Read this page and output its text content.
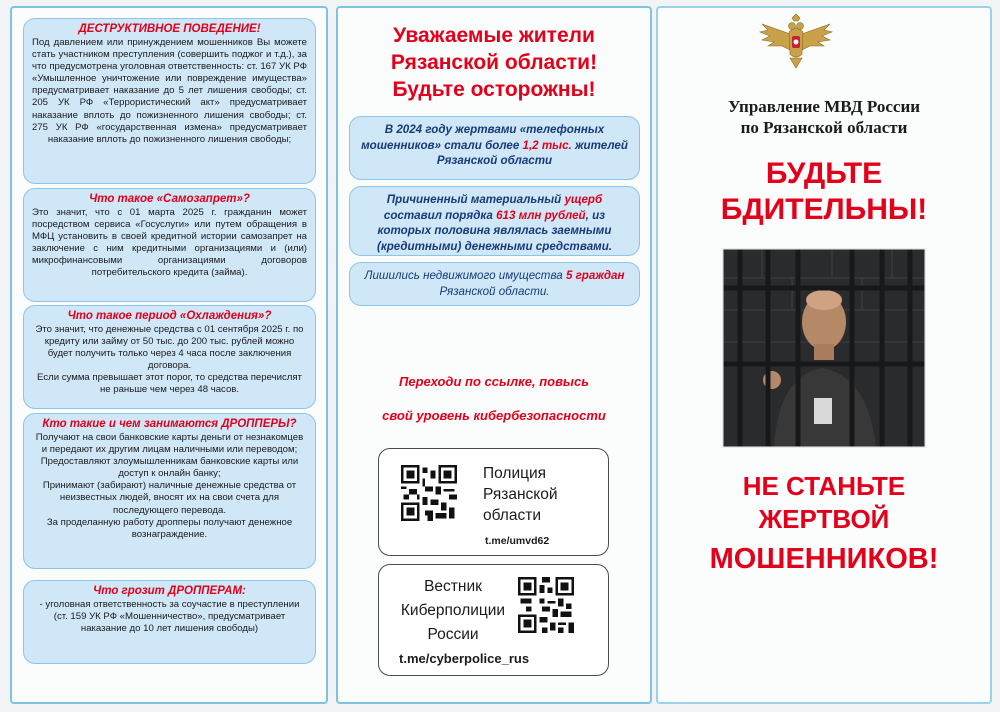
ДЕСТРУКТИВНОЕ ПОВЕДЕНИЕ!
Под давлением или принуждением мошенников Вы можете стать участником преступления (совершить поджог и т.д.), за что предусмотрена уголовная ответственность: ст. 167 УК РФ «Умышленное уничтожение или повреждение имущества» предусматривает наказание до 5 лет лишения свободы; ст. 205 УК РФ «Террористический акт» предусматривает наказание вплоть до пожизненного лишения свободы; ст. 275 УК РФ «государственная измена» предусматривает наказание вплоть до пожизненного лишения свободы;
Что такое «Самозапрет»?
Это значит, что с 01 марта 2025 г. гражданин может посредством сервиса «Госуслуги» или путем обращения в МФЦ установить в своей кредитной истории самозапрет на заключение с ним кредитными организациями и (или) микрофинансовыми организациями договоров потребительского кредита (займа).
Что такое период «Охлаждения»?
Это значит, что денежные средства с 01 сентября 2025 г. по кредиту или займу от 50 тыс. до 200 тыс. рублей можно будет получить только через 4 часа после заключения договора.
Если сумма превышает этот порог, то средства перечислят не раньше чем через 48 часов.
Кто такие и чем занимаются ДРОППЕРЫ?
Получают на свои банковские карты деньги от незнакомцев и передают их другим лицам наличными или переводом;
Предоставляют злоумышленникам банковские карты или доступ к онлайн банку;
Принимают (забирают) наличные денежные средства от неизвестных людей, вносят их на свои счета для последующего перевода.
За проделанную работу дропперы получают денежное вознаграждение.
Что грозит ДРОППЕРАМ:
- уголовная ответственность за соучастие в преступлении (ст. 159 УК РФ «Мошенничество», предусматривает наказание до 10 лет лишения свободы)
Уважаемые жители
Рязанской области!
Будьте осторожны!
В 2024 году жертвами «телефонных мошенников» стали более 1,2 тыс. жителей Рязанской области
Причиненный материальный ущерб составил порядка 613 млн рублей, из которых половина являлась заемными (кредитными) денежными средствами.
Лишились недвижимого имущества 5 граждан Рязанской области.
Переходи по ссылке, повысь
свой уровень кибербезопасности
Полиция
Рязанской
области
t.me/umvd62
Вестник
Киберполиции
России
t.me/cyberpolice_rus
Управление МВД России
по Рязанской области
БУДЬТЕ
БДИТЕЛЬНЫ!
НЕ СТАНЬТЕ
ЖЕРТВОЙ
МОШЕННИКОВ!
